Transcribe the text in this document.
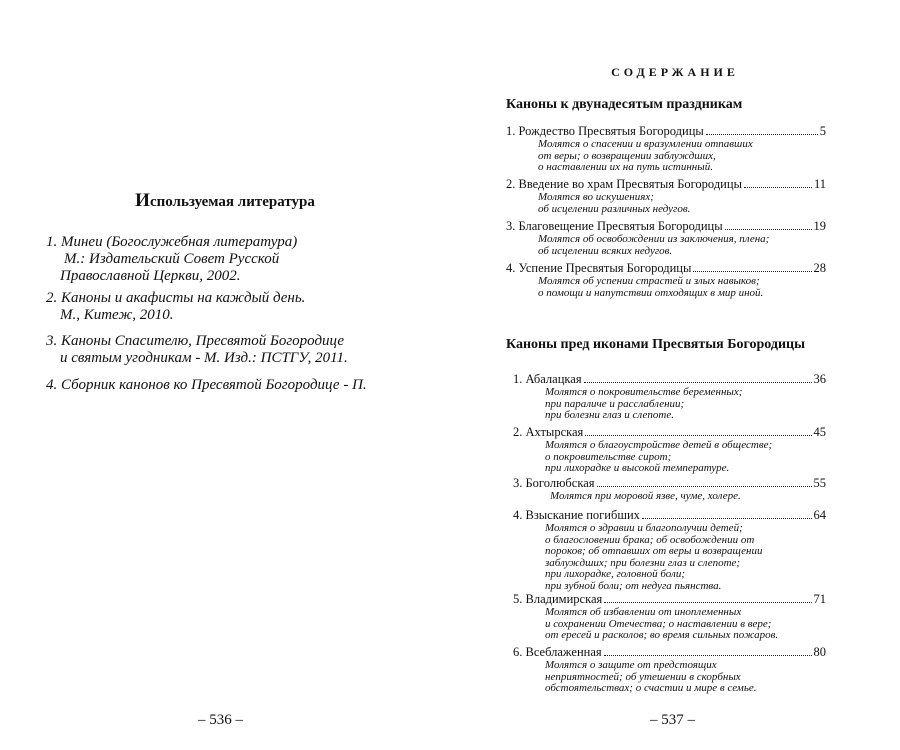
Используемая литература
1. Минеи (Богослужебная литература)
М.: Издательский Совет Русской
Православной Церкви, 2002.
2. Каноны и акафисты на каждый день.
М., Китеж, 2010.
3. Каноны Спасителю, Пресвятой Богородице
и святым угодникам - М. Изд.: ПСТГУ, 2011.
4. Сборник канонов ко Пресвятой Богородице - П.
– 536 –
СОДЕРЖАНИЕ
Каноны к двунадесятым праздникам
1. Рождество Пресвятыя Богородицы	5
Молятся о спасении и вразумлении отпавших
от веры; о возвращении заблуждших,
о наставлении их на путь истинный.
2. Введение во храм Пресвятыя Богородицы	11
Молятся во искушениях;
об исцелении различных недугов.
3. Благовещение Пресвятыя Богородицы	19
Молятся об освобождении из заключения, плена;
об исцелении всяких недугов.
4. Успение Пресвятыя Богородицы	28
Молятся об успении страстей и злых навыков;
о помощи и напутствии отходящих в мир иной.
Каноны пред иконами Пресвятыя Богородицы
1. Абалацкая	36
Молятся о покровительстве беременных;
при параличе и расслаблении;
при болезни глаз и слепоте.
2. Ахтырская	45
Молятся о благоустройстве детей в обществе;
о покровительстве сирот;
при лихорадке и высокой температуре.
3. Боголюбская	55
Молятся при моровой язве, чуме, холере.
4. Взыскание погибших	64
Молятся о здравии и благополучии детей;
о благословении брака; об освобождении от
пороков; об отпавших от веры и возвращении
заблуждших; при болезни глаз и слепоте;
при лихорадке, головной боли;
при зубной боли; от недуга пьянства.
5. Владимирская	71
Молятся об избавлении от иноплеменных
и сохранении Отечества; о наставлении в вере;
от ересей и расколов; во время сильных пожаров.
6. Всеблаженная	80
Молятся о защите от предстоящих
неприятностей; об утешении в скорбных
обстоятельствах; о счастии и мире в семье.
– 537 –
